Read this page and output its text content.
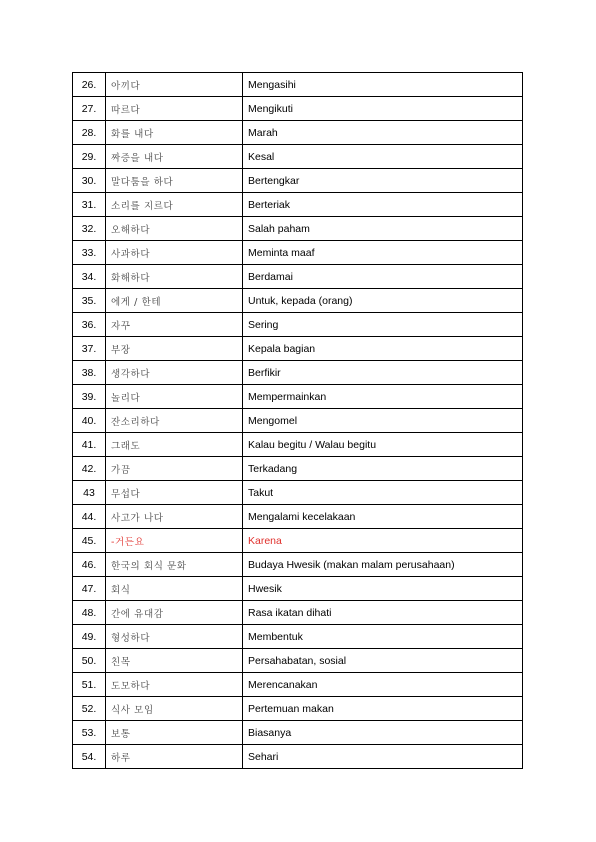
26.	아끼다	Mengasihi
27.	따르다	Mengikuti
28.	화를 내다	Marah
29.	짜증을 내다	Kesal
30.	말다툼을 하다	Bertengkar
31.	소리를 지르다	Berteriak
32.	오해하다	Salah paham
33.	사과하다	Meminta maaf
34.	화해하다	Berdamai
35.	에게 / 한테	Untuk, kepada (orang)
36.	자꾸	Sering
37.	부장	Kepala bagian
38.	생각하다	Berfikir
39.	놀리다	Mempermainkan
40.	잔소리하다	Mengomel
41.	그래도	Kalau begitu / Walau begitu
42.	가끔	Terkadang
43	무섭다	Takut
44.	사고가 나다	Mengalami kecelakaan
45.	-거든요	Karena
46.	한국의 회식 문화	Budaya Hwesik (makan malam perusahaan)
47.	회식	Hwesik
48.	간에 유대감	Rasa ikatan dihati
49.	형성하다	Membentuk
50.	친목	Persahabatan, sosial
51.	도모하다	Merencanakan
52.	식사 모임	Pertemuan makan
53.	보통	Biasanya
54.	하루	Sehari
